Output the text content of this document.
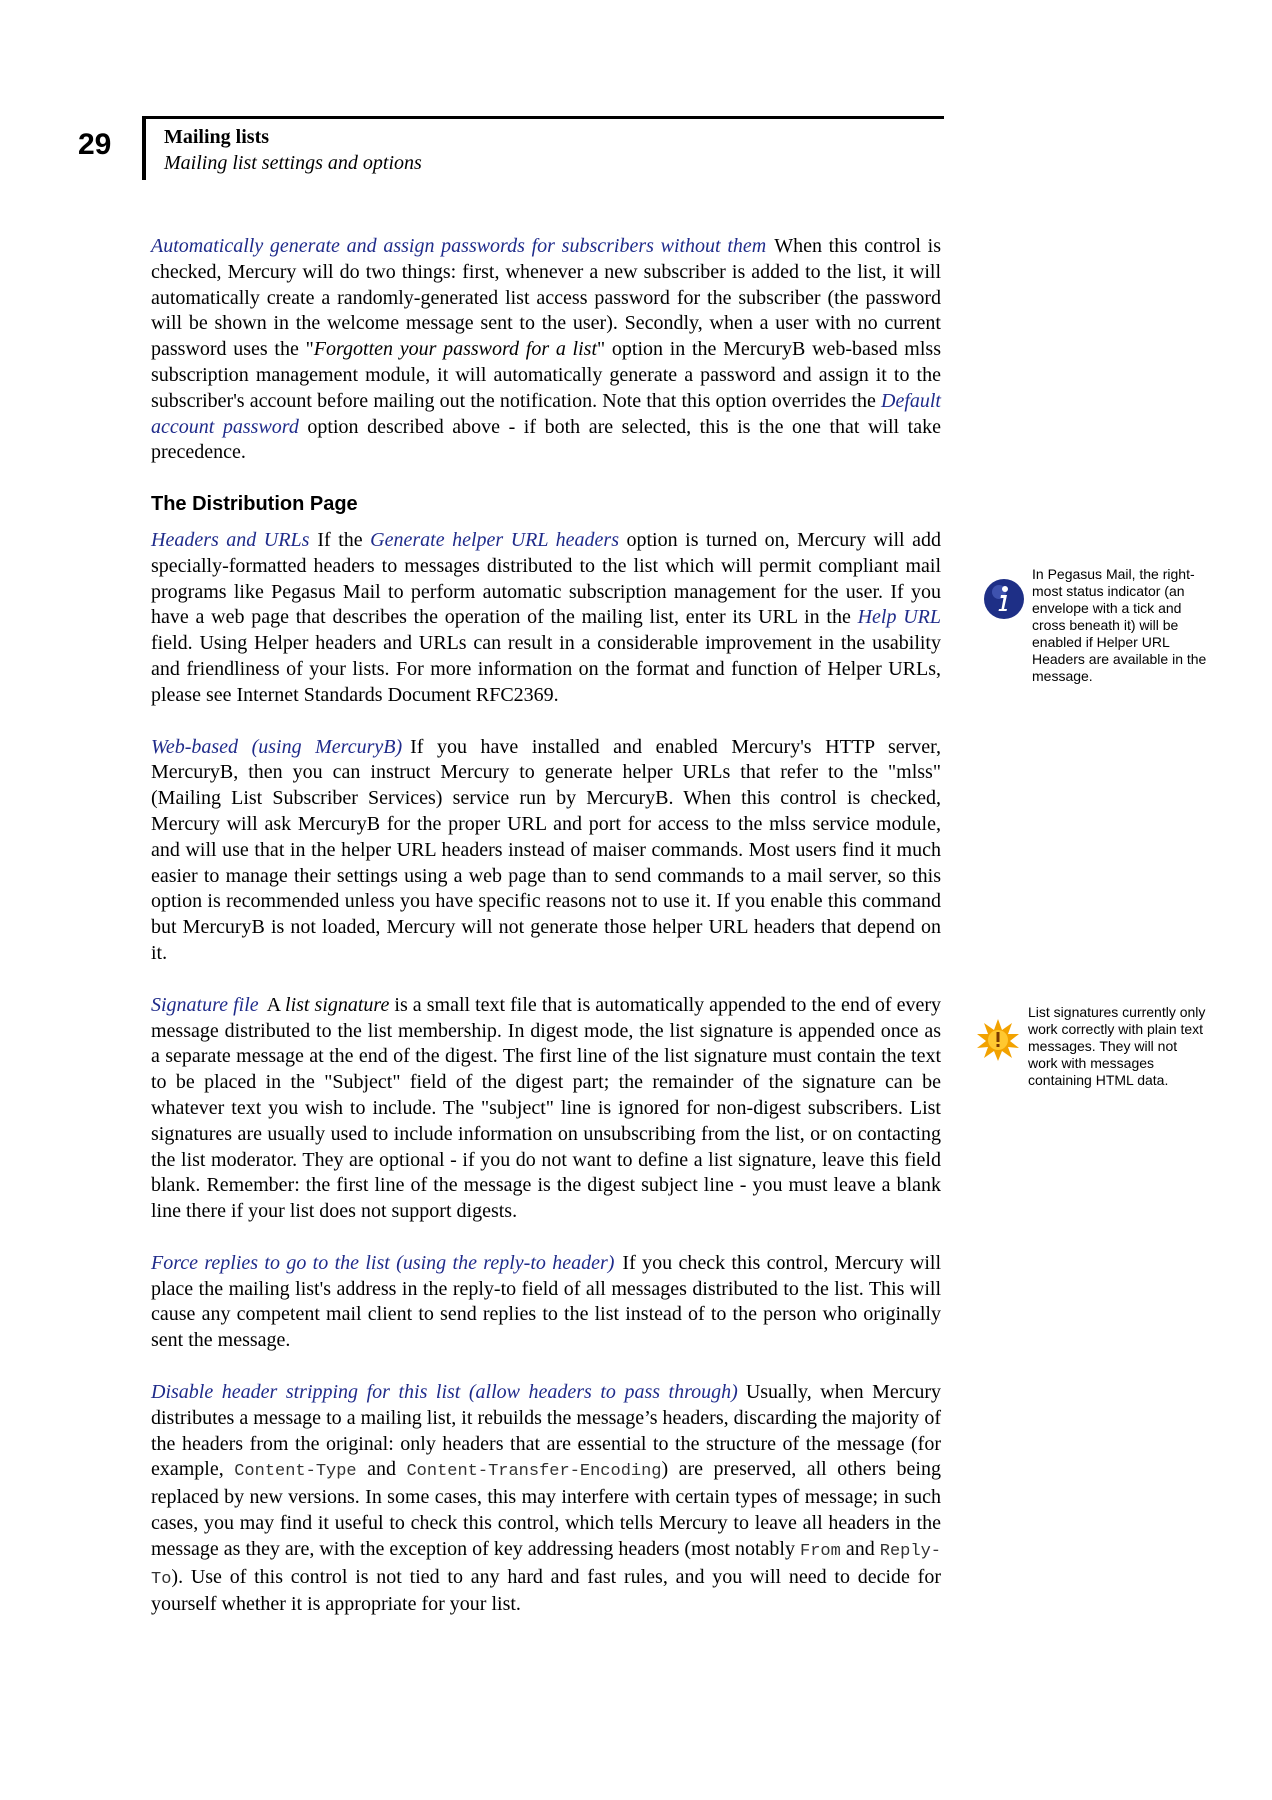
29	Mailing lists
Mailing list settings and options

Automatically generate and assign passwords for subscribers without them When this control is checked, Mercury will do two things: first, whenever a new subscriber is added to the list, it will automatically create a randomly-generated list access password for the subscriber (the password will be shown in the welcome message sent to the user). Secondly, when a user with no current password uses the "Forgotten your password for a list" option in the MercuryB web-based mlss subscription management module, it will automatically generate a password and assign it to the subscriber's account before mailing out the notification. Note that this option overrides the Default account password option described above - if both are selected, this is the one that will take precedence.

The Distribution Page

Headers and URLs If the Generate helper URL headers option is turned on, Mercury will add specially-formatted headers to messages distributed to the list which will permit compliant mail programs like Pegasus Mail to perform automatic subscription management for the user. If you have a web page that describes the operation of the mailing list, enter its URL in the Help URL field. Using Helper headers and URLs can result in a considerable improvement in the usability and friendliness of your lists. For more information on the format and function of Helper URLs, please see Internet Standards Document RFC2369.

Web-based (using MercuryB) If you have installed and enabled Mercury's HTTP server, MercuryB, then you can instruct Mercury to generate helper URLs that refer to the "mlss" (Mailing List Subscriber Services) service run by MercuryB. When this control is checked, Mercury will ask MercuryB for the proper URL and port for access to the mlss service module, and will use that in the helper URL headers instead of maiser commands. Most users find it much easier to manage their settings using a web page than to send commands to a mail server, so this option is recommended unless you have specific reasons not to use it. If you enable this command but MercuryB is not loaded, Mercury will not generate those helper URL headers that depend on it.

Signature file A list signature is a small text file that is automatically appended to the end of every message distributed to the list membership. In digest mode, the list signature is appended once as a separate message at the end of the digest. The first line of the list signature must contain the text to be placed in the "Subject" field of the digest part; the remainder of the signature can be whatever text you wish to include. The "subject" line is ignored for non-digest subscribers. List signatures are usually used to include information on unsubscribing from the list, or on contacting the list moderator. They are optional - if you do not want to define a list signature, leave this field blank. Remember: the first line of the message is the digest subject line - you must leave a blank line there if your list does not support digests.

Force replies to go to the list (using the reply-to header) If you check this control, Mercury will place the mailing list's address in the reply-to field of all messages distributed to the list. This will cause any competent mail client to send replies to the list instead of to the person who originally sent the message.

Disable header stripping for this list (allow headers to pass through) Usually, when Mercury distributes a message to a mailing list, it rebuilds the message’s headers, discarding the majority of the headers from the original: only headers that are essential to the structure of the message (for example, Content-Type and Content-Transfer-Encoding) are preserved, all others being replaced by new versions. In some cases, this may interfere with certain types of message; in such cases, you may find it useful to check this control, which tells Mercury to leave all headers in the message as they are, with the exception of key addressing headers (most notably From and Reply-To). Use of this control is not tied to any hard and fast rules, and you will need to decide for yourself whether it is appropriate for your list.

In Pegasus Mail, the right-most status indicator (an envelope with a tick and cross beneath it) will be enabled if Helper URL Headers are available in the message.
List signatures currently only work correctly with plain text messages. They will not work with messages containing HTML data.
